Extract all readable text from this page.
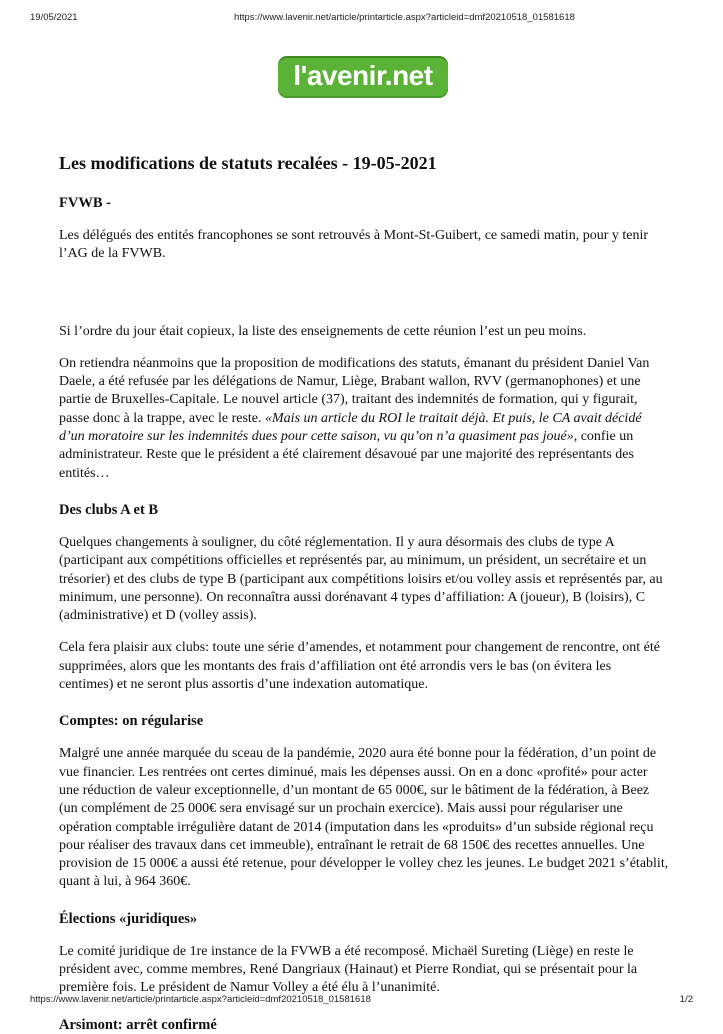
19/05/2021	https://www.lavenir.net/article/printarticle.aspx?articleid=dmf20210518_01581618
l'avenir.net
Les modifications de statuts recalées - 19-05-2021
FVWB -

Les délégués des entités francophones se sont retrouvés à Mont-St-Guibert, ce samedi matin, pour y tenir l’AG de la FVWB.

Si l’ordre du jour était copieux, la liste des enseignements de cette réunion l’est un peu moins.

On retiendra néanmoins que la proposition de modifications des statuts, émanant du président Daniel Van Daele, a été refusée par les délégations de Namur, Liège, Brabant wallon, RVV (germanophones) et une partie de Bruxelles-Capitale. Le nouvel article (37), traitant des indemnités de formation, qui y figurait, passe donc à la trappe, avec le reste. «Mais un article du ROI le traitait déjà. Et puis, le CA avait décidé d’un moratoire sur les indemnités dues pour cette saison, vu qu’on n’a quasiment pas joué», confie un administrateur. Reste que le président a été clairement désavoué par une majorité des représentants des entités…

Des clubs A et B

Quelques changements à souligner, du côté réglementation. Il y aura désormais des clubs de type A (participant aux compétitions officielles et représentés par, au minimum, un président, un secrétaire et un trésorier) et des clubs de type B (participant aux compétitions loisirs et/ou volley assis et représentés par, au minimum, une personne). On reconnaîtra aussi dorénavant 4 types d’affiliation: A (joueur), B (loisirs), C (administrative) et D (volley assis).

Cela fera plaisir aux clubs: toute une série d’amendes, et notamment pour changement de rencontre, ont été supprimées, alors que les montants des frais d’affiliation ont été arrondis vers le bas (on évitera les centimes) et ne seront plus assortis d’une indexation automatique.

Comptes: on régularise

Malgré une année marquée du sceau de la pandémie, 2020 aura été bonne pour la fédération, d’un point de vue financier. Les rentrées ont certes diminué, mais les dépenses aussi. On en a donc «profité» pour acter une réduction de valeur exceptionnelle, d’un montant de 65 000€, sur le bâtiment de la fédération, à Beez (un complément de 25 000€ sera envisagé sur un prochain exercice). Mais aussi pour régulariser une opération comptable irrégulière datant de 2014 (imputation dans les «produits» d’un subside régional reçu pour réaliser des travaux dans cet immeuble), entraînant le retrait de 68 150€ des recettes annuelles. Une provision de 15 000€ a aussi été retenue, pour développer le volley chez les jeunes. Le budget 2021 s’établit, quant à lui, à 964 360€.

Élections «juridiques»

Le comité juridique de 1re instance de la FVWB a été recomposé. Michaël Sureting (Liège) en reste le président avec, comme membres, René Dangriaux (Hainaut) et Pierre Rondiat, qui se présentait pour la première fois. Le président de Namur Volley a été élu à l’unanimité.

Arsimont: arrêt confirmé
https://www.lavenir.net/article/printarticle.aspx?articleid=dmf20210518_01581618	1/2
